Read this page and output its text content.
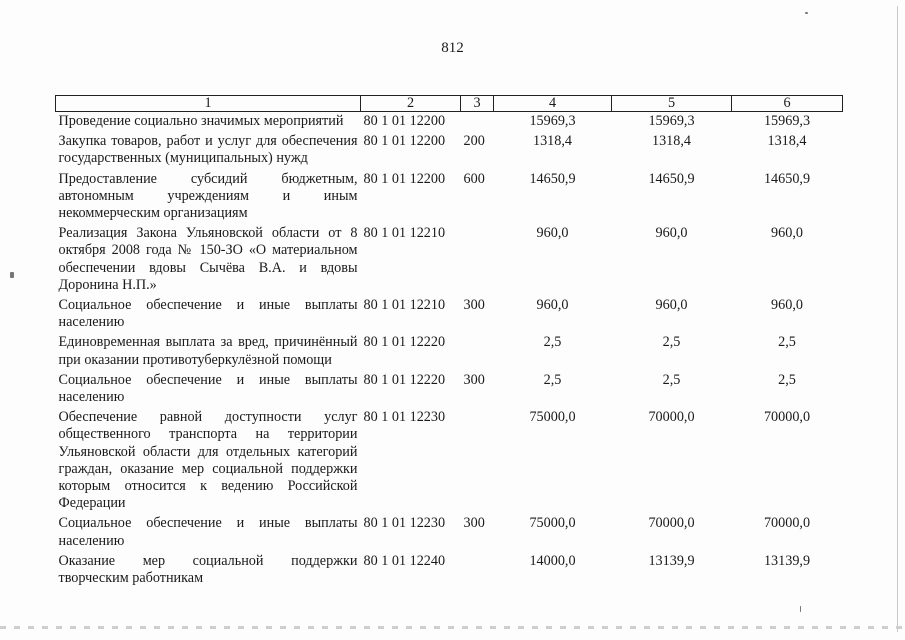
812
1	2	3	4	5	6
Проведение социально значимых мероприятий	80 1 01 12200		15969,3	15969,3	15969,3
Закупка товаров, работ и услуг для обеспечения государственных (муниципальных) нужд	80 1 01 12200	200	1318,4	1318,4	1318,4
Предоставление субсидий бюджетным, автономным учреждениям и иным некоммерческим организациям	80 1 01 12200	600	14650,9	14650,9	14650,9
Реализация Закона Ульяновской области от 8 октября 2008 года № 150-ЗО «О материальном обеспечении вдовы Сычёва В.А. и вдовы Доронина Н.П.»	80 1 01 12210		960,0	960,0	960,0
Социальное обеспечение и иные выплаты населению	80 1 01 12210	300	960,0	960,0	960,0
Единовременная выплата за вред, причинённый при оказании противотуберкулёзной помощи	80 1 01 12220		2,5	2,5	2,5
Социальное обеспечение и иные выплаты населению	80 1 01 12220	300	2,5	2,5	2,5
Обеспечение равной доступности услуг общественного транспорта на территории Ульяновской области для отдельных категорий граждан, оказание мер социальной поддержки которым относится к ведению Российской Федерации	80 1 01 12230		75000,0	70000,0	70000,0
Социальное обеспечение и иные выплаты населению	80 1 01 12230	300	75000,0	70000,0	70000,0
Оказание мер социальной поддержки творческим работникам	80 1 01 12240		14000,0	13139,9	13139,9
